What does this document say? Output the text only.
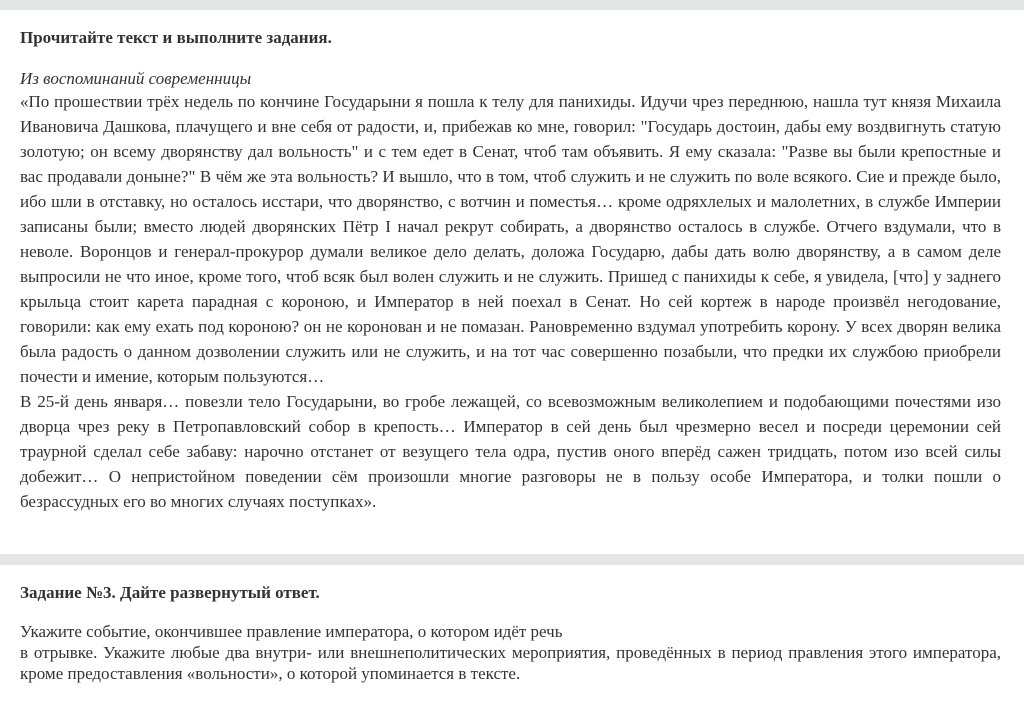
Прочитайте текст и выполните задания.
Из воспоминаний современницы

«По прошествии трёх недель по кончине Государыни я пошла к телу для панихиды. Идучи чрез переднюю, нашла тут князя Михаила Ивановича Дашкова, плачущего и вне себя от радости, и, прибежав ко мне, говорил: "Государь достоин, дабы ему воздвигнуть статую золотую; он всему дворянству дал вольность" и с тем едет в Сенат, чтоб там объявить. Я ему сказала: "Разве вы были крепостные и вас продавали доныне?" В чём же эта вольность? И вышло, что в том, чтоб служить и не служить по воле всякого. Сие и прежде было, ибо шли в отставку, но осталось исстари, что дворянство, с вотчин и поместья… кроме одряхлелых и малолетних, в службе Империи записаны были; вместо людей дворянских Пётр I начал рекрут собирать, а дворянство осталось в службе. Отчего вздумали, что в неволе. Воронцов и генерал-прокурор думали великое дело делать, доложа Государю, дабы дать волю дворянству, а в самом деле выпросили не что иное, кроме того, чтоб всяк был волен служить и не служить. Пришед с панихиды к себе, я увидела, [что] у заднего крыльца стоит карета парадная с короною, и Император в ней поехал в Сенат. Но сей кортеж в народе произвёл негодование, говорили: как ему ехать под короною? он не коронован и не помазан. Рановременно вздумал употребить корону. У всех дворян велика была радость о данном дозволении служить или не служить, и на тот час совершенно позабыли, что предки их службою приобрели почести и имение, которым пользуются…

В 25-й день января… повезли тело Государыни, во гробе лежащей, со всевозможным великолепием и подобающими почестями изо дворца чрез реку в Петропавловский собор в крепость… Император в сей день был чрезмерно весел и посреди церемонии сей траурной сделал себе забаву: нарочно отстанет от везущего тела одра, пустив оного вперёд сажен тридцать, потом изо всей силы добежит… О непристойном поведении сём произошли многие разговоры не в пользу особе Императора, и толки пошли о безрассудных его во многих случаях поступках».

Задание №3. Дайте развернутый ответ.

Укажите событие, окончившее правление императора, о котором идёт речь
в отрывке. Укажите любые два внутри- или внешнеполитических мероприятия, проведённых в период правления этого императора, кроме предоставления «вольности», о которой упоминается в тексте.
